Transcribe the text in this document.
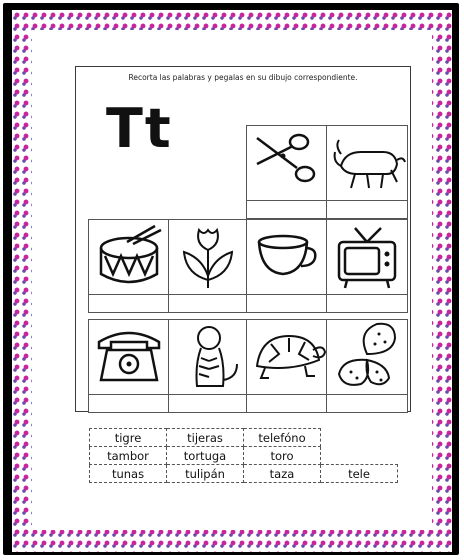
Recorta las palabras y pegalas en su dibujo correspondiente.
Tt
tigre	tijeras	telefóno	
tambor	tortuga	toro	
tunas	tulipán	taza	tele
